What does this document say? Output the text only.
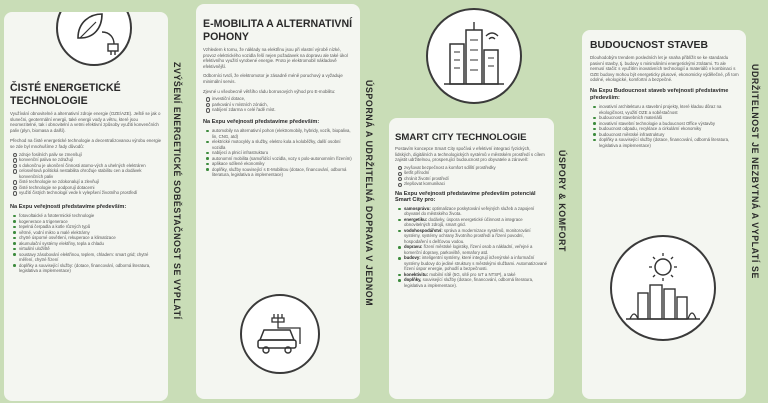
ČISTÉ ENERGETICKÉ TECHNOLOGIE

Využívání obnovitelné a alternativní zdroje energie (OZE/AZE). Ještě se jak o slunečni, geotermální energii, také energii vody a větru, které jsou neomezitelné, tak i obnovitelní a vetmi efektivní způsoby využiti konvenčních paliv (plyn, biomasa a další).

Přechod na čisté energetické technologie a decentralizovanou výrobu energie se zde byl mnohušíme z řady důvodů:

zdroje fosilních paliv se zmenšují
konvenční paliva se zdražují
s dokončnu je ukončení činnosti atomo-vých a uhelných elektráren
celosvětová politická nestabilita ohrožuje stabilitu cen a dodávek konvenčních paliv
čisté technologie se zdokonalují a zlevňují
čisté technologie se podporují dotacemi
využití čistých technologií vede k vylepšení životního prostředí

Na Expu veřejnosti představíme především:

fotovoltaické a fototermické technologie
kogenerace a trigenerace
tepelná čerpadla a kotle různých typů
větrné, vodní mikro a malé elektrárny
chytré úsporné osvětlení, rekuperace a klimatizace
akumulační systémy elektřiny, tepla a chladu
virtuální uložiště
soustavy zásobování elektřinou, teplem, chladem: smart grid; chytré měření, chytré řízení
doplňky a související služby: (dotace, financování, odborná literatura, legislativa a implementace)	ZVÝŠENÍ ENERGETICKÉ SOBĚSTAČNOST SE VYPLATÍ

E-MOBILITA A ALTERNATIVNÍ POHONY

Vzhledem k tomu, že náklady na elektřinu jsou při vlastní výrobě nízké, provoz elektrického vozidla řeší nejen požadavek na dopravu ale také úkol efektivního využití vyrobené energie. Proto je elektromobil nákladově efektivnější.

Odborníci tvrdí, že elektromotor je zásadně méně poruchový a vyžaduje minimální servis.

Zjevné u všeobecně většího rádu borrusových výhod pro E-mobilitu:

investiční dotace,
parkování v místních zónách,
nabíjení zdarma v celé řadě míst.

Na Expu veřejnosti představíme především:

automobily na alternativní pohon (elektromobily, hybridy, vozík, biopaliva, lin, CNG, atd)
elektrické motocykly a služby, elektro kola a koloběžky, další osobní vozidla
nabíjecí a plnicí infrastrukturu
autonomní mobilita (samořídící vozidla, vozy s polo-autonomním řízením)
aplikace sdílené ekonomiky
doplňky, služby související s E-Mobilitou (dotace, financování, odborná literatura, legislativa a implementace)	ÚSPORNÁ A UDRŽITELNÁ DOPRAVA V JEDNOM SMART CITY TECHNOLOGIE

Postavím koncepce Smart City spočívá v efektivní integraci fyzických, lidských, digitálních a technologických systémů v městském prostředí s cílem zajistit udržitelnou, prosperující budoucnost pro obyvatele a zároveň:

zvyšovat bezpečnost a komfort sdílítí prostředky
šetřit přírodní
chránit životní prostředí
zlepšovat komunikaci

Na Expu veřejnosti představíme především potenciál Smart City pro:

samosprávu: optimalizace poskytování veřejných služeb a zapojení obyvatel do městského života.
energetiku: dodávky, úspora energetické účinnost a integrace obnovitelných zdrojů, smart grid.
vodohospodářství: správa a modernizace systémů, monitorování systémy, systémy ochrany životního prostředí a řízení povodní, hospodaření s dešťovou vodou.
dopravu: řízení městské logistiky, řízení osob a nákladní, veřejné a komerční dopravy, parkoviště, semafory atd.
budovy: inteligentní systémy, které integrují inženýrské a informační systémy budovy do jediné struktury s městskými službami. Automatizované řízení úspor energie, pohodlí a bezpečnosti.
konektivitu: mobilní sítě (5G, sítě pro IoT a NTSP), a také
doplňky, související služby (dotace, financování, odborná literatura, legislativa a implementace).
ÚSPORY & KOMFORT

BUDOUCNOST STAVEB

Dlouhodobým trendem posledních let je snaha přiblížit se ke standardu pasivní stavby, tj. budovy s minimálními energetickými ztrátami. To ale nemusí stačit: s využitím inovativních technologií a materiálů v kombinaci s OZE budovy mohou být energeticky plusové, ekonomicky výdělečné, při tom odolné, ekologické, komfortní a bezpečné.

Na Expu Budoucnost staveb veřejnosti představíme především:

inovativní architekturu a stavební projekty, které kladou důraz na ekologičnost, využití OZE a soběstačnost
budoucnost stavebních materiálů
inovativní stavební technologie a budoucnost Office výstavby
budoucnost odpadu, recyklace a cirkulární ekonomiky
budoucnost městské infrastruktury
doplňky a související služby (dotace, financování, odborná literatura, legislativa a implementace)	UDRŽITELNOST JE NEZBYTNÁ A VYPLATÍ SE
